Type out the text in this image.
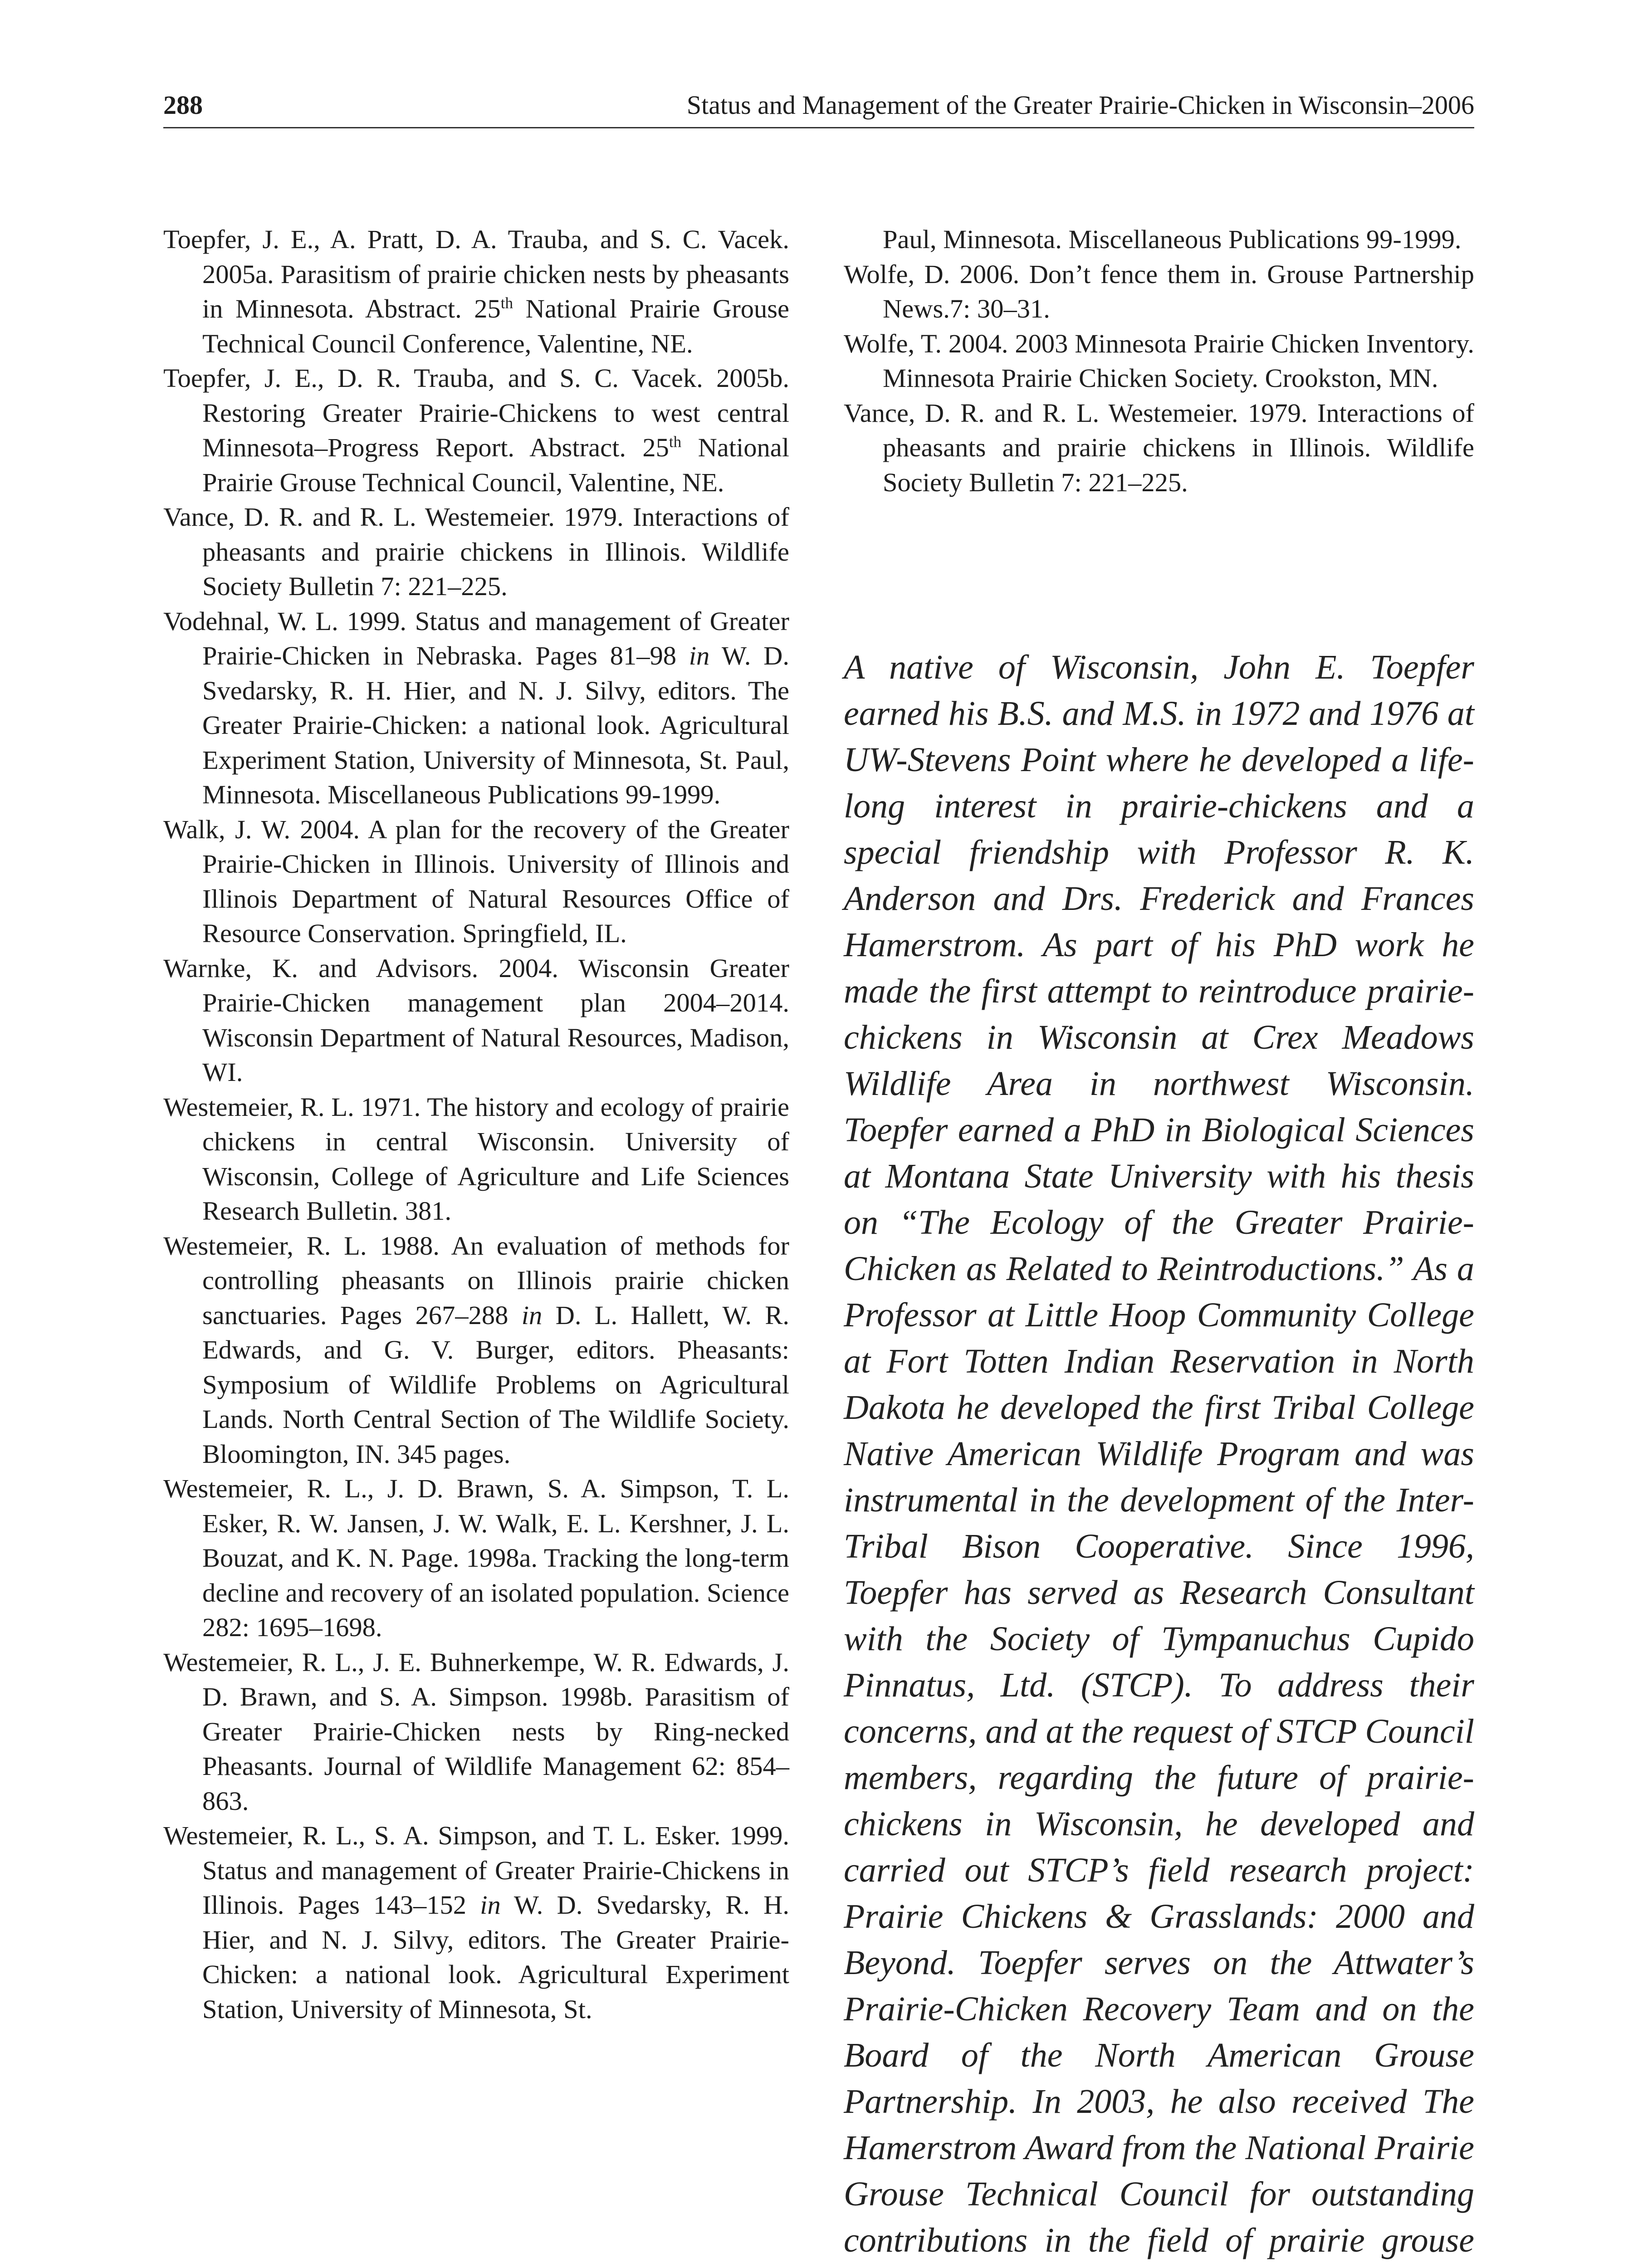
288	Status and Management of the Greater Prairie-Chicken in Wisconsin–2006

Toepfer, J. E., A. Pratt, D. A. Trauba, and S. C. Vacek. 2005a. Parasitism of prairie chicken nests by pheasants in Minnesota. Abstract. 25th National Prairie Grouse Technical Council Conference, Valentine, NE.

Toepfer, J. E., D. R. Trauba, and S. C. Vacek. 2005b. Restoring Greater Prairie-Chickens to west central Minnesota–Progress Report. Abstract. 25th National Prairie Grouse Technical Council, Valentine, NE.

Vance, D. R. and R. L. Westemeier. 1979. Interactions of pheasants and prairie chickens in Illinois. Wildlife Society Bulletin 7: 221–225.

Vodehnal, W. L. 1999. Status and management of Greater Prairie-Chicken in Nebraska. Pages 81–98 in W. D. Svedarsky, R. H. Hier, and N. J. Silvy, editors. The Greater Prairie-Chicken: a national look. Agricultural Experiment Station, University of Minnesota, St. Paul, Minnesota. Miscellaneous Publications 99-1999.

Walk, J. W. 2004. A plan for the recovery of the Greater Prairie-Chicken in Illinois. University of Illinois and Illinois Department of Natural Resources Office of Resource Conservation. Springfield, IL.

Warnke, K. and Advisors. 2004. Wisconsin Greater Prairie-Chicken management plan 2004–2014. Wisconsin Department of Natural Resources, Madison, WI.

Westemeier, R. L. 1971. The history and ecology of prairie chickens in central Wisconsin. University of Wisconsin, College of Agriculture and Life Sciences Research Bulletin. 381.

Westemeier, R. L. 1988. An evaluation of methods for controlling pheasants on Illinois prairie chicken sanctuaries. Pages 267–288 in D. L. Hallett, W. R. Edwards, and G. V. Burger, editors. Pheasants: Symposium of Wildlife Problems on Agricultural Lands. North Central Section of The Wildlife Society. Bloomington, IN. 345 pages.

Westemeier, R. L., J. D. Brawn, S. A. Simpson, T. L. Esker, R. W. Jansen, J. W. Walk, E. L. Kershner, J. L. Bouzat, and K. N. Page. 1998a. Tracking the long-term decline and recovery of an isolated population. Science 282: 1695–1698.

Westemeier, R. L., J. E. Buhnerkempe, W. R. Edwards, J. D. Brawn, and S. A. Simpson. 1998b. Parasitism of Greater Prairie-Chicken nests by Ring-necked Pheasants. Journal of Wildlife Management 62: 854–863.

Westemeier, R. L., S. A. Simpson, and T. L. Esker. 1999. Status and management of Greater Prairie-Chickens in Illinois. Pages 143–152 in W. D. Svedarsky, R. H. Hier, and N. J. Silvy, editors. The Greater Prairie-Chicken: a national look. Agricultural Experiment Station, University of Minnesota, St.

Paul, Minnesota. Miscellaneous Publications 99-1999.

Wolfe, D. 2006. Don’t fence them in. Grouse Partnership News.7: 30–31.

Wolfe, T. 2004. 2003 Minnesota Prairie Chicken Inventory. Minnesota Prairie Chicken Society. Crookston, MN.

Vance, D. R. and R. L. Westemeier. 1979. Interactions of pheasants and prairie chickens in Illinois. Wildlife Society Bulletin 7: 221–225.

A native of Wisconsin, John E. Toepfer earned his B.S. and M.S. in 1972 and 1976 at UW-Stevens Point where he developed a life-long interest in prairie-chickens and a special friendship with Professor R. K. Anderson and Drs. Frederick and Frances Hamerstrom. As part of his PhD work he made the first attempt to reintroduce prairie-chickens in Wisconsin at Crex Meadows Wildlife Area in northwest Wisconsin. Toepfer earned a PhD in Biological Sciences at Montana State University with his thesis on “The Ecology of the Greater Prairie-Chicken as Related to Reintroductions.” As a Professor at Little Hoop Community College at Fort Totten Indian Reservation in North Dakota he developed the first Tribal College Native American Wildlife Program and was instrumental in the development of the Inter-Tribal Bison Cooperative. Since 1996, Toepfer has served as Research Consultant with the Society of Tympanuchus Cupido Pinnatus, Ltd. (STCP). To address their concerns, and at the request of STCP Council members, regarding the future of prairie-chickens in Wisconsin, he developed and carried out STCP’s field research project: Prairie Chickens & Grasslands: 2000 and Beyond. Toepfer serves on the Attwater’s Prairie-Chicken Recovery Team and on the Board of the North American Grouse Partnership. In 2003, he also received The Hamerstrom Award from the National Prairie Grouse Technical Council for outstanding contributions in the field of prairie grouse
